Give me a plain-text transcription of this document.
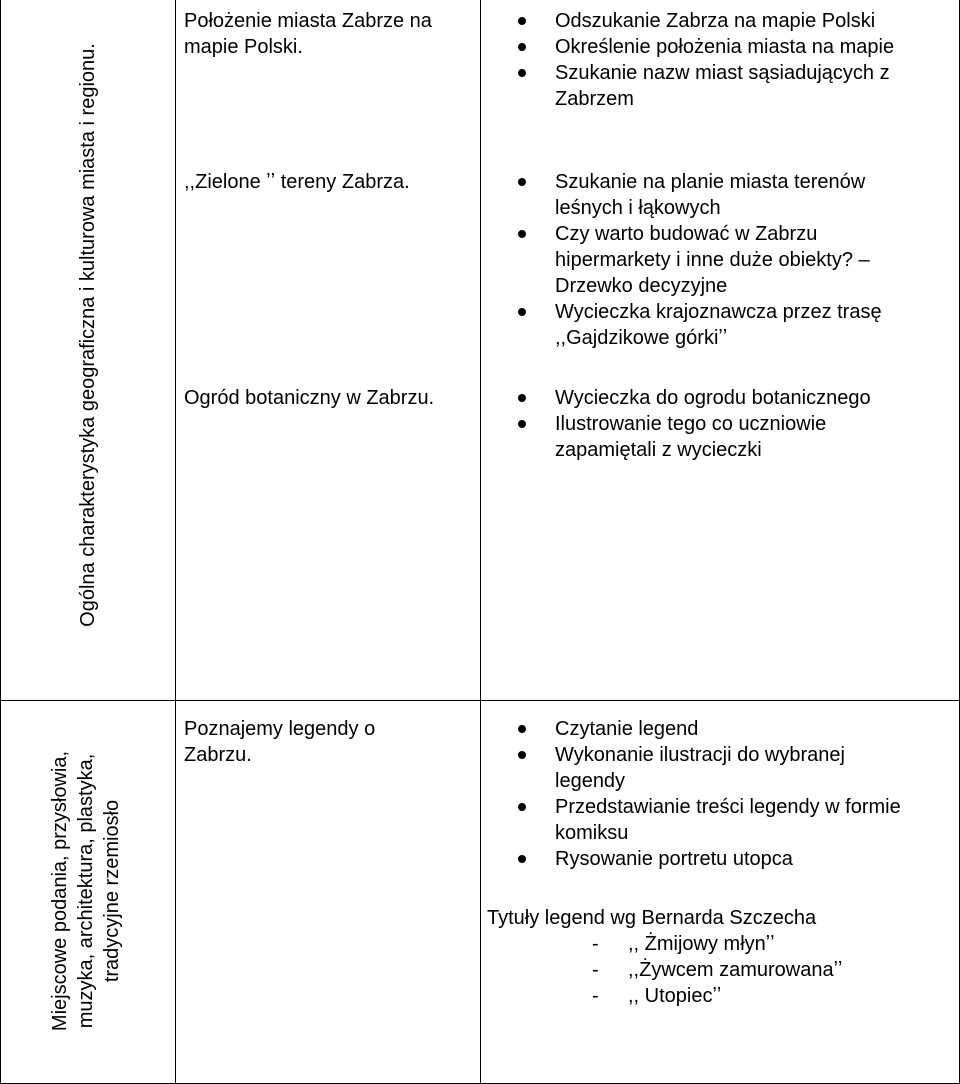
Ogólna charakterystyka geograficzna i kulturowa miasta i regionu.
Położenie miasta Zabrze na mapie Polski.
,,Zielone ʼʼ tereny Zabrza.
Ogród botaniczny w Zabrzu.
Odszukanie Zabrza na mapie Polski
Określenie położenia miasta na mapie
Szukanie nazw miast sąsiadujących z Zabrzem
Szukanie na planie miasta terenów leśnych i łąkowych
Czy warto budować w Zabrzu hipermarkety i inne duże obiekty? – Drzewko decyzyjne
Wycieczka krajoznawcza przez trasę ,,Gajdzikowe górkiʼʼ
Wycieczka do ogrodu botanicznego
Ilustrowanie tego co uczniowie zapamiętali z wycieczki
Miejscowe podania, przysłowia, muzyka, architektura, plastyka, tradycyjne rzemiosło
Poznajemy legendy o Zabrzu.
Czytanie legend
Wykonanie ilustracji do wybranej legendy
Przedstawianie treści legendy w formie komiksu
Rysowanie portretu utopca
Tytuły legend wg Bernarda Szczecha
- ,, Żmijowy młynʼʼ
- ,,Żywcem zamurowanaʼʼ
- ,, Utopiecʼʼ
